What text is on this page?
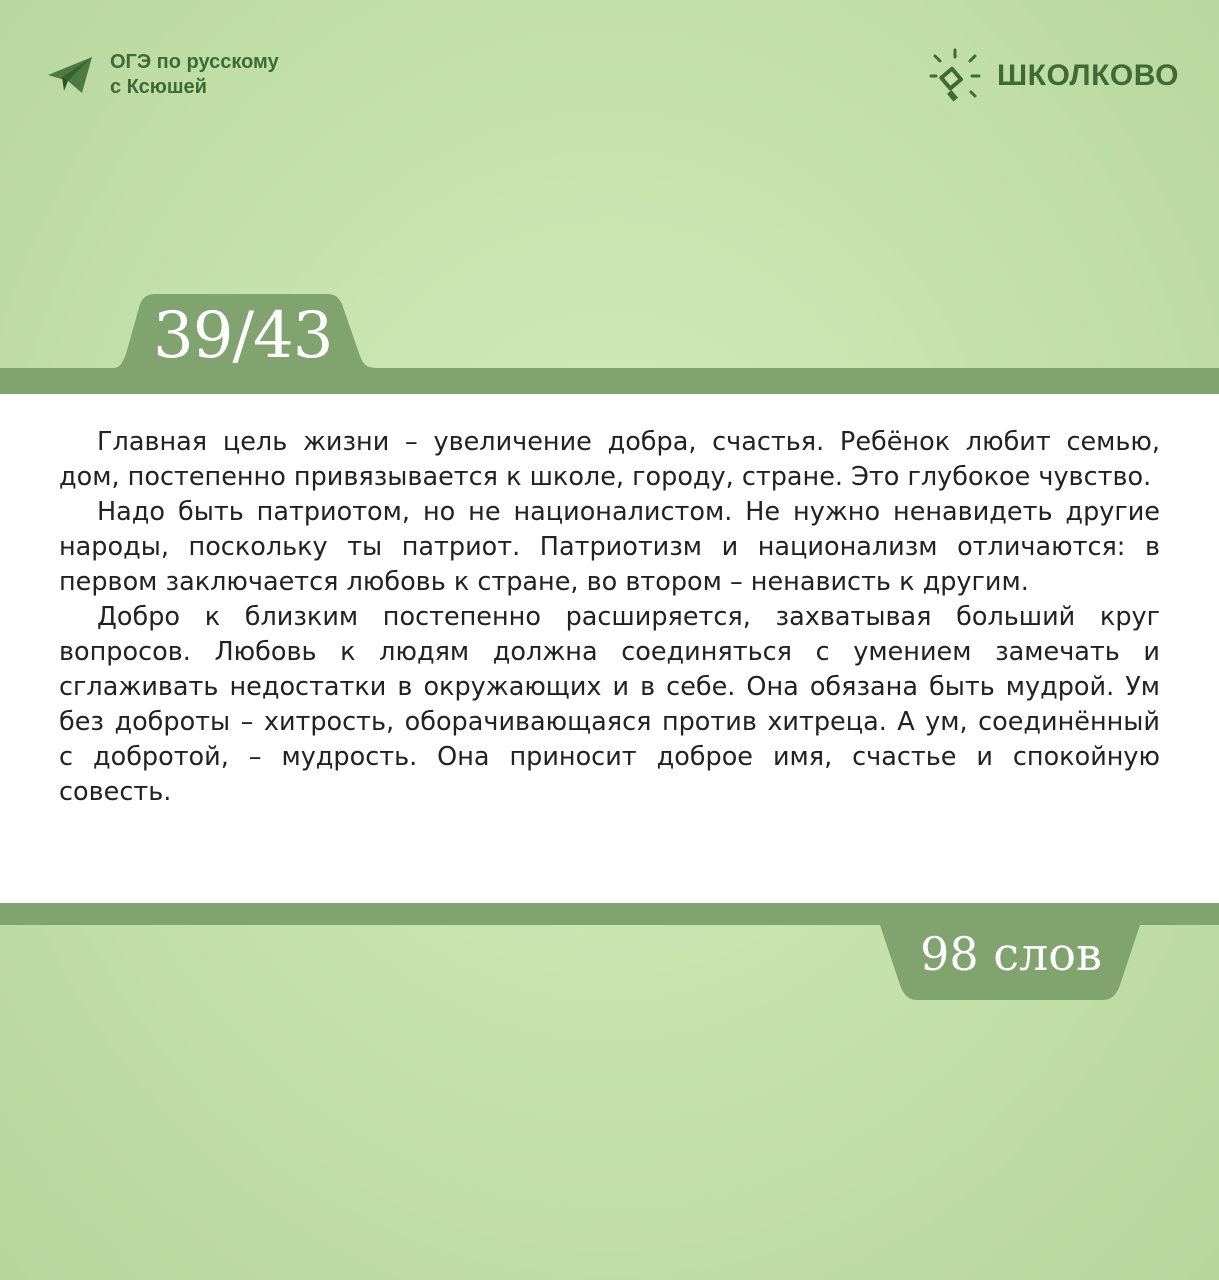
ОГЭ по русскому
с Ксюшей	ШКОЛКОВО
39/43

Главная цель жизни – увеличение добра, счастья. Ребёнок любит семью, дом, постепенно привязывается к школе, городу, стране. Это глубокое чувство.

Надо быть патриотом, но не националистом. Не нужно ненавидеть другие народы, поскольку ты патриот. Патриотизм и национализм отличаются: в первом заключается любовь к стране, во втором – ненависть к другим.

Добро к близким постепенно расширяется, захватывая больший круг вопросов. Любовь к людям должна соединяться с умением замечать и сглаживать недостатки в окружающих и в себе. Она обязана быть мудрой. Ум без доброты – хитрость, оборачивающаяся против хитреца. А ум, соединённый с добротой, – мудрость. Она приносит доброе имя, счастье и спокойную совесть.

98 слов
